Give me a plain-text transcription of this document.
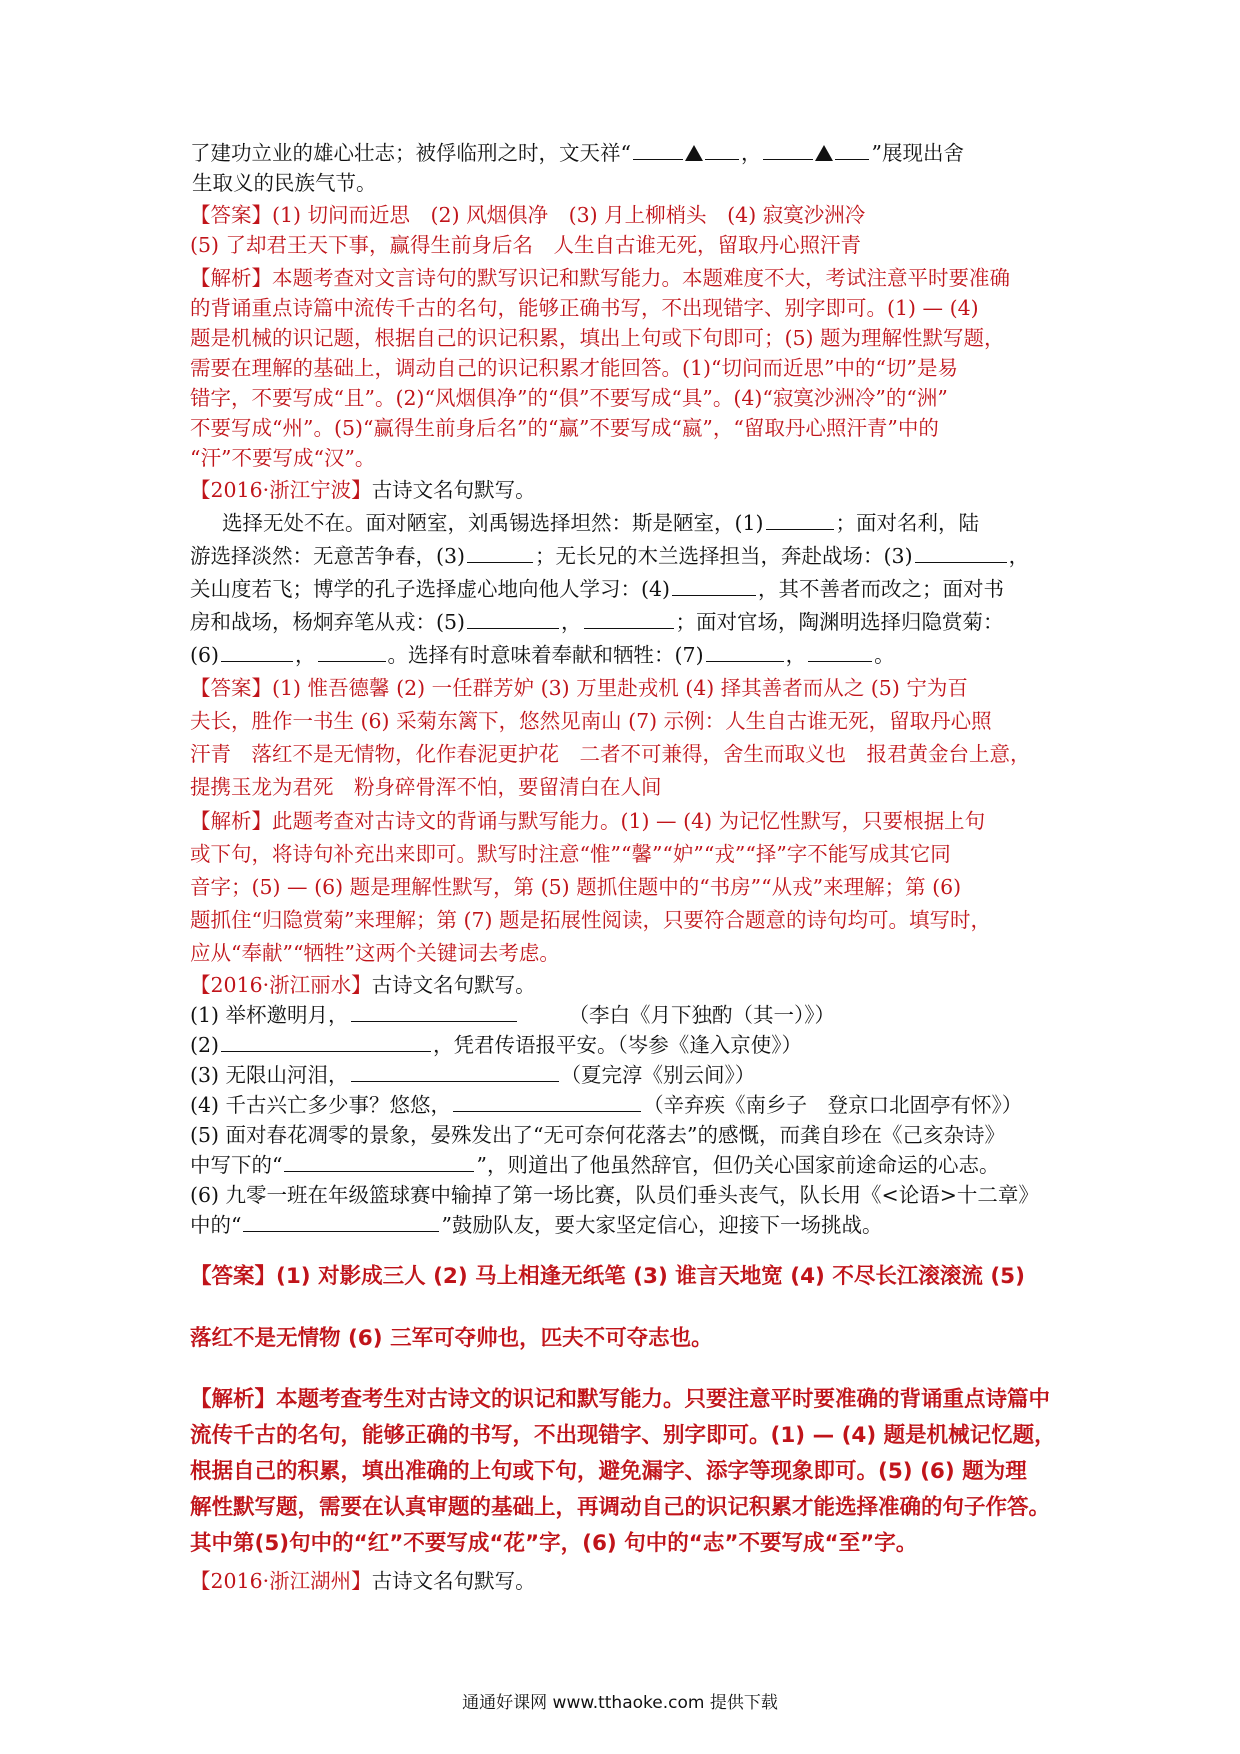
了建功立业的雄心壮志；被俘临刑之时，文天祥“	，	”展现出舍
生取义的民族气节。
【答案】(1) 切问而近思　(2) 风烟俱净　(3) 月上柳梢头　(4) 寂寞沙洲冷
(5) 了却君王天下事，赢得生前身后名　人生自古谁无死，留取丹心照汗青
【解析】本题考查对文言诗句的默写识记和默写能力。本题难度不大，考试注意平时要准确
的背诵重点诗篇中流传千古的名句，能够正确书写，不出现错字、别字即可。(1) — (4)
题是机械的识记题，根据自己的识记积累，填出上句或下句即可；(5) 题为理解性默写题，
需要在理解的基础上，调动自己的识记积累才能回答。(1)“切问而近思”中的“切”是易
错字，不要写成“且”。(2)“风烟俱净”的“俱”不要写成“具”。(4)“寂寞沙洲冷”的“洲”
不要写成“州”。(5)“赢得生前身后名”的“赢”不要写成“嬴”，“留取丹心照汗青”中的
“汗”不要写成“汉”。
【2016·浙江宁波】古诗文名句默写。
选择无处不在。面对陋室，刘禹锡选择坦然：斯是陋室，(1)	；面对名利，陆
游选择淡然：无意苦争春，(3)	；无长兄的木兰选择担当，奔赴战场：(3)	，
关山度若飞；博学的孔子选择虚心地向他人学习：(4)	，其不善者而改之；面对书
房和战场，杨炯弃笔从戎：(5)	，	；面对官场，陶渊明选择归隐赏菊：
(6)	，	。选择有时意味着奉献和牺牲：(7)	，	。
【答案】(1) 惟吾德馨 (2) 一任群芳妒 (3) 万里赴戎机 (4) 择其善者而从之 (5) 宁为百
夫长，胜作一书生 (6) 采菊东篱下，悠然见南山 (7) 示例：人生自古谁无死，留取丹心照
汗青　落红不是无情物，化作春泥更护花　二者不可兼得，舍生而取义也　报君黄金台上意，
提携玉龙为君死　粉身碎骨浑不怕，要留清白在人间
【解析】此题考查对古诗文的背诵与默写能力。(1) — (4) 为记忆性默写，只要根据上句
或下句，将诗句补充出来即可。默写时注意“惟”“馨”“妒”“戎”“择”字不能写成其它同
音字；(5) — (6) 题是理解性默写，第 (5) 题抓住题中的“书房”“从戎”来理解；第 (6)
题抓住“归隐赏菊”来理解；第 (7) 题是拓展性阅读，只要符合题意的诗句均可。填写时，
应从“奉献”“牺牲”这两个关键词去考虑。
【2016·浙江丽水】古诗文名句默写。
(1) 举杯邀明月，	（李白《月下独酌（其一）》）
(2)	，凭君传语报平安。（岑参《逢入京使》）
(3) 无限山河泪，	（夏完淳《别云间》）
(4) 千古兴亡多少事？悠悠，	（辛弃疾《南乡子　登京口北固亭有怀》）
(5) 面对春花凋零的景象，晏殊发出了“无可奈何花落去”的感慨，而龚自珍在《己亥杂诗》
中写下的“	”，则道出了他虽然辞官，但仍关心国家前途命运的心志。
(6) 九零一班在年级篮球赛中输掉了第一场比赛，队员们垂头丧气，队长用《<论语>十二章》
中的“	”鼓励队友，要大家坚定信心，迎接下一场挑战。
【答案】(1) 对影成三人 (2) 马上相逢无纸笔 (3) 谁言天地宽 (4) 不尽长江滚滚流 (5)
落红不是无情物 (6) 三军可夺帅也，匹夫不可夺志也。
【解析】本题考查考生对古诗文的识记和默写能力。只要注意平时要准确的背诵重点诗篇中
流传千古的名句，能够正确的书写，不出现错字、别字即可。(1) — (4) 题是机械记忆题，
根据自己的积累，填出准确的上句或下句，避免漏字、添字等现象即可。(5) (6) 题为理
解性默写题，需要在认真审题的基础上，再调动自己的识记积累才能选择准确的句子作答。
其中第(5)句中的“红”不要写成“花”字，(6) 句中的“志”不要写成“至”字。
【2016·浙江湖州】古诗文名句默写。
通通好课网 www.tthaoke.com 提供下载
